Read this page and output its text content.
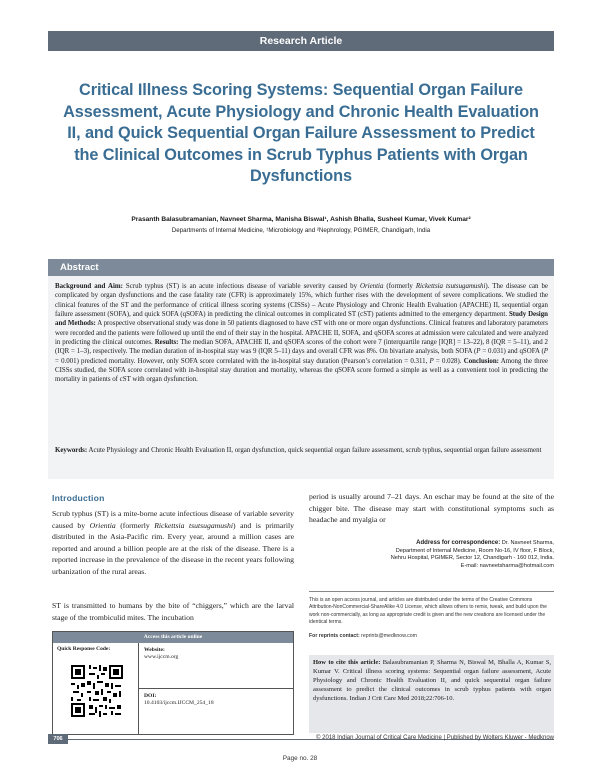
Research Article
Critical Illness Scoring Systems: Sequential Organ Failure Assessment, Acute Physiology and Chronic Health Evaluation II, and Quick Sequential Organ Failure Assessment to Predict the Clinical Outcomes in Scrub Typhus Patients with Organ Dysfunctions
Prasanth Balasubramanian, Navneet Sharma, Manisha Biswal¹, Ashish Bhalla, Susheel Kumar, Vivek Kumar²
Departments of Internal Medicine, ¹Microbiology and ²Nephrology, PGIMER, Chandigarh, India
Abstract
Background and Aim: Scrub typhus (ST) is an acute infectious disease of variable severity caused by Orientia (formerly Rickettsia tsutsugamushi). The disease can be complicated by organ dysfunctions and the case fatality rate (CFR) is approximately 15%, which further rises with the development of severe complications. We studied the clinical features of the ST and the performance of critical illness scoring systems (CISSs) – Acute Physiology and Chronic Health Evaluation (APACHE) II, sequential organ failure assessment (SOFA), and quick SOFA (qSOFA) in predicting the clinical outcomes in complicated ST (cST) patients admitted to the emergency department. Study Design and Methods: A prospective observational study was done in 50 patients diagnosed to have cST with one or more organ dysfunctions. Clinical features and laboratory parameters were recorded and the patients were followed up until the end of their stay in the hospital. APACHE II, SOFA, and qSOFA scores at admission were calculated and were analyzed in predicting the clinical outcomes. Results: The median SOFA, APACHE II, and qSOFA scores of the cohort were 7 (interquartile range [IQR] = 13–22), 8 (IQR = 5–11), and 2 (IQR = 1–3), respectively. The median duration of in-hospital stay was 9 (IQR 5–11) days and overall CFR was 8%. On bivariate analysis, both SOFA (P = 0.031) and qSOFA (P = 0.001) predicted mortality. However, only SOFA score correlated with the in-hospital stay duration (Pearson’s correlation = 0.311, P = 0.028). Conclusion: Among the three CISSs studied, the SOFA score correlated with in-hospital stay duration and mortality, whereas the qSOFA score formed a simple as well as a convenient tool in predicting the mortality in patients of cST with organ dysfunction.
Keywords: Acute Physiology and Chronic Health Evaluation II, organ dysfunction, quick sequential organ failure assessment, scrub typhus, sequential organ failure assessment
Introduction

Scrub typhus (ST) is a mite-borne acute infectious disease of variable severity caused by Orientia (formerly Rickettsia tsutsugamushi) and is primarily distributed in the Asia-Pacific rim. Every year, around a million cases are reported and around a billion people are at the risk of the disease. There is a reported increase in the prevalence of the disease in the recent years following urbanization of the rural areas.

ST is transmitted to humans by the bite of “chiggers,” which are the larval stage of the trombiculid mites. The incubation

period is usually around 7–21 days. An eschar may be found at the site of the chigger bite. The disease may start with constitutional symptoms such as headache and myalgia or

Access this article online
Quick Response Code:	Website:
www.ijccm.org
DOI:
10.4103/ijccm.IJCCM_254_18
Address for correspondence: Dr. Navneet Sharma,
Department of Internal Medicine, Room No-16, IV floor, F Block,
Nehru Hospital, PGIMER, Sector 12, Chandigarh - 160 012, India.
E-mail: navneetsharma@hotmail.com
This is an open access journal, and articles are distributed under the terms of the Creative Commons Attribution-NonCommercial-ShareAlike 4.0 License, which allows others to remix, tweak, and build upon the work non-commercially, as long as appropriate credit is given and the new creations are licensed under the identical terms.
For reprints contact: reprints@medknow.com
How to cite this article: Balasubramanian P, Sharma N, Biswal M, Bhalla A, Kumar S, Kumar V. Critical illness scoring systems: Sequential organ failure assessment, Acute Physiology and Chronic Health Evaluation II, and quick sequential organ failure assessment to predict the clinical outcomes in scrub typhus patients with organ dysfunctions. Indian J Crit Care Med 2018;22:706-10.
706	© 2018 Indian Journal of Critical Care Medicine | Published by Wolters Kluwer - Medknow
Page no. 28
